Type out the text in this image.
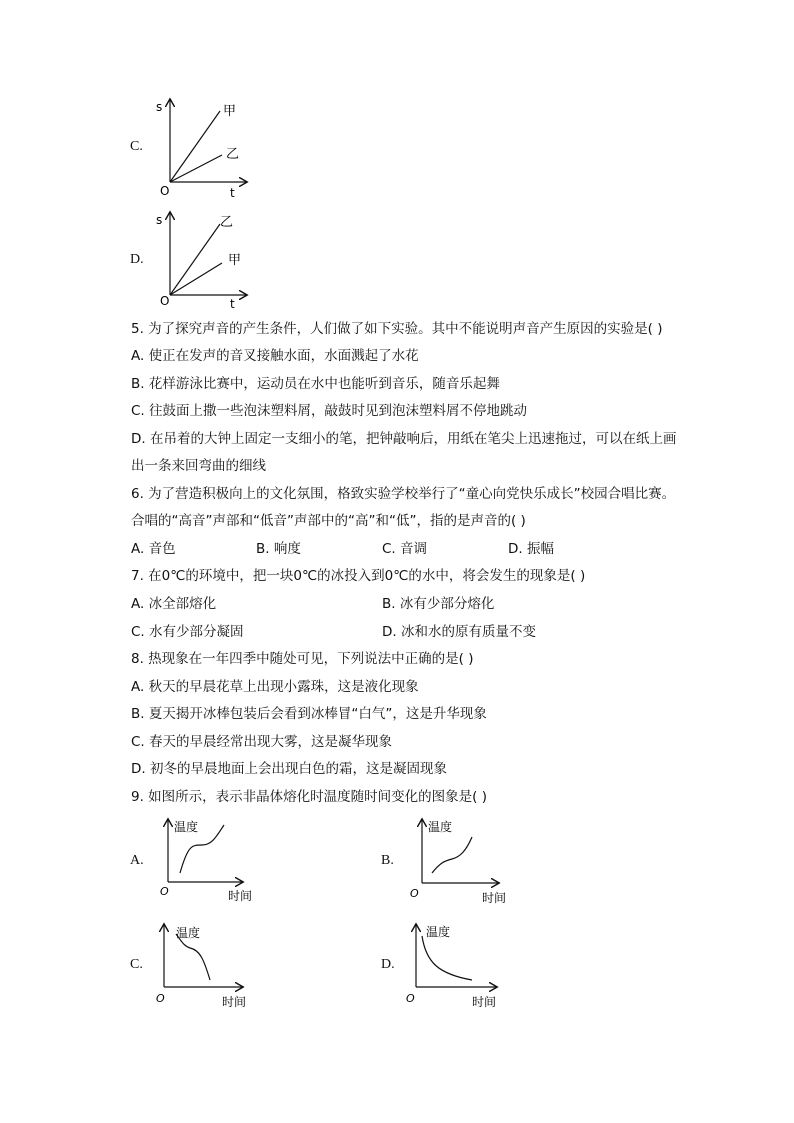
C.
s
O	t
甲
乙
D.
s
O	t
乙
甲
5. 为了探究声音的产生条件，人们做了如下实验。其中不能说明声音产生原因的实验是( )
A. 使正在发声的音叉接触水面，水面溅起了水花
B. 花样游泳比赛中，运动员在水中也能听到音乐，随音乐起舞
C. 往鼓面上撒一些泡沫塑料屑，敲鼓时见到泡沫塑料屑不停地跳动
D. 在吊着的大钟上固定一支细小的笔，把钟敲响后，用纸在笔尖上迅速拖过，可以在纸上画
出一条来回弯曲的细线
6. 为了营造积极向上的文化氛围，格致实验学校举行了“童心向党快乐成长”校园合唱比赛。
合唱的“高音”声部和“低音”声部中的“高”和“低”，指的是声音的( )
A. 音色	B. 响度	C. 音调	D. 振幅
7. 在0℃的环境中，把一块0℃的冰投入到0℃的水中，将会发生的现象是( )
A. 冰全部熔化	B. 冰有少部分熔化
C. 水有少部分凝固	D. 冰和水的原有质量不变
8. 热现象在一年四季中随处可见，下列说法中正确的是( )
A. 秋天的早晨花草上出现小露珠，这是液化现象
B. 夏天揭开冰棒包装后会看到冰棒冒“白气”，这是升华现象
C. 春天的早晨经常出现大雾，这是凝华现象
D. 初冬的早晨地面上会出现白色的霜，这是凝固现象
9. 如图所示，表示非晶体熔化时温度随时间变化的图象是( )
A.
温度
O	时间
B.
温度
O	时间
C.
温度
O	时间
D.
温度
O	时间
